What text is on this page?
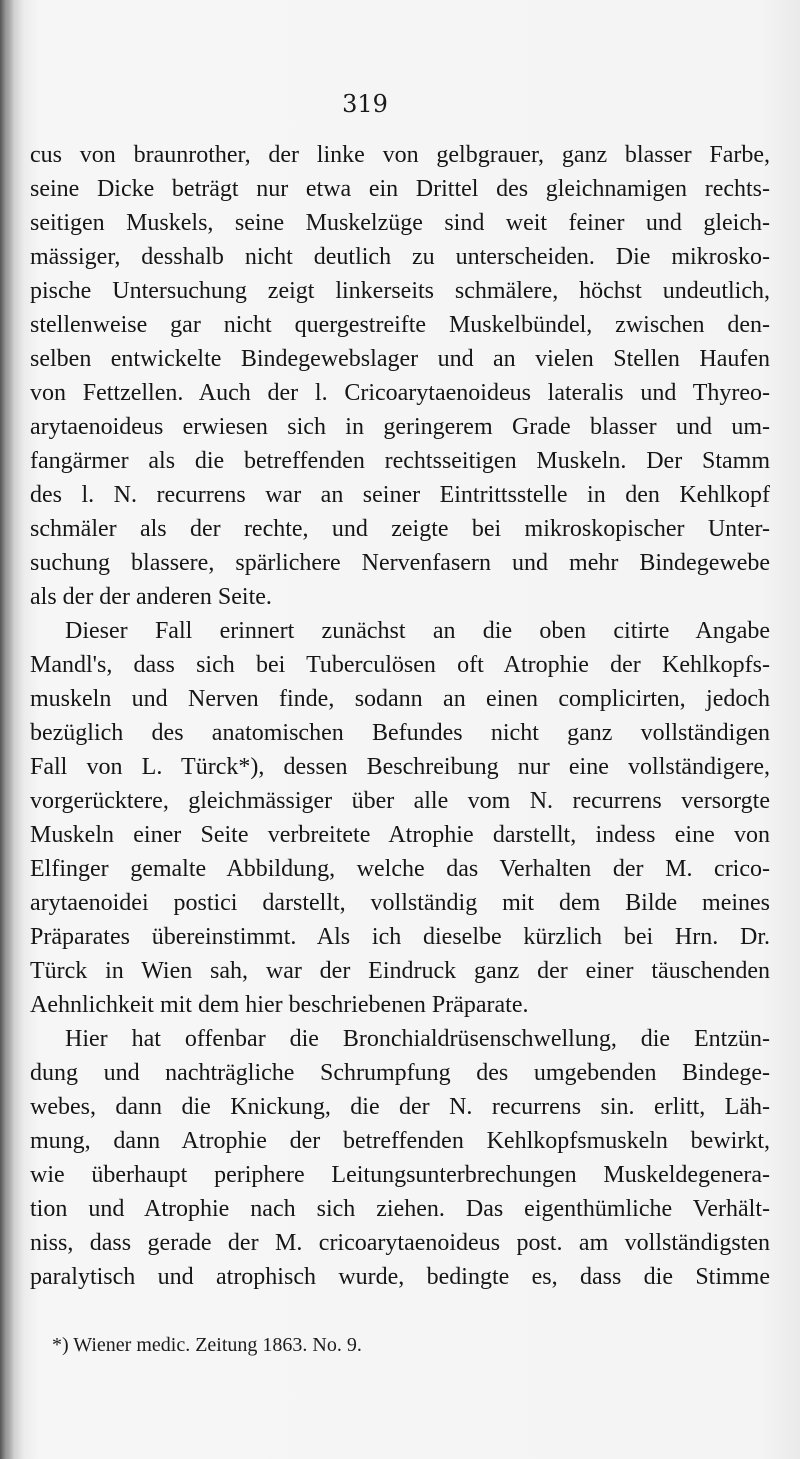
319
cus von braunrother, der linke von gelbgrauer, ganz blasser Farbe,
seine Dicke beträgt nur etwa ein Drittel des gleichnamigen rechts-
seitigen Muskels, seine Muskelzüge sind weit feiner und gleich-
mässiger, desshalb nicht deutlich zu unterscheiden. Die mikrosko-
pische Untersuchung zeigt linkerseits schmälere, höchst undeutlich,
stellenweise gar nicht quergestreifte Muskelbündel, zwischen den-
selben entwickelte Bindegewebslager und an vielen Stellen Haufen
von Fettzellen. Auch der l. Cricoarytaenoideus lateralis und Thyreo-
arytaenoideus erwiesen sich in geringerem Grade blasser und um-
fangärmer als die betreffenden rechtsseitigen Muskeln. Der Stamm
des l. N. recurrens war an seiner Eintrittsstelle in den Kehlkopf
schmäler als der rechte, und zeigte bei mikroskopischer Unter-
suchung blassere, spärlichere Nervenfasern und mehr Bindegewebe
als der der anderen Seite.
Dieser Fall erinnert zunächst an die oben citirte Angabe
Mandl's, dass sich bei Tuberculösen oft Atrophie der Kehlkopfs-
muskeln und Nerven finde, sodann an einen complicirten, jedoch
bezüglich des anatomischen Befundes nicht ganz vollständigen
Fall von L. Türck*), dessen Beschreibung nur eine vollständigere,
vorgerücktere, gleichmässiger über alle vom N. recurrens versorgte
Muskeln einer Seite verbreitete Atrophie darstellt, indess eine von
Elfinger gemalte Abbildung, welche das Verhalten der M. crico-
arytaenoidei postici darstellt, vollständig mit dem Bilde meines
Präparates übereinstimmt. Als ich dieselbe kürzlich bei Hrn. Dr.
Türck in Wien sah, war der Eindruck ganz der einer täuschenden
Aehnlichkeit mit dem hier beschriebenen Präparate.
Hier hat offenbar die Bronchialdrüsenschwellung, die Entzün-
dung und nachträgliche Schrumpfung des umgebenden Bindege-
webes, dann die Knickung, die der N. recurrens sin. erlitt, Läh-
mung, dann Atrophie der betreffenden Kehlkopfsmuskeln bewirkt,
wie überhaupt periphere Leitungsunterbrechungen Muskeldegenera-
tion und Atrophie nach sich ziehen. Das eigenthümliche Verhält-
niss, dass gerade der M. cricoarytaenoideus post. am vollständigsten
paralytisch und atrophisch wurde, bedingte es, dass die Stimme
*) Wiener medic. Zeitung 1863. No. 9.
